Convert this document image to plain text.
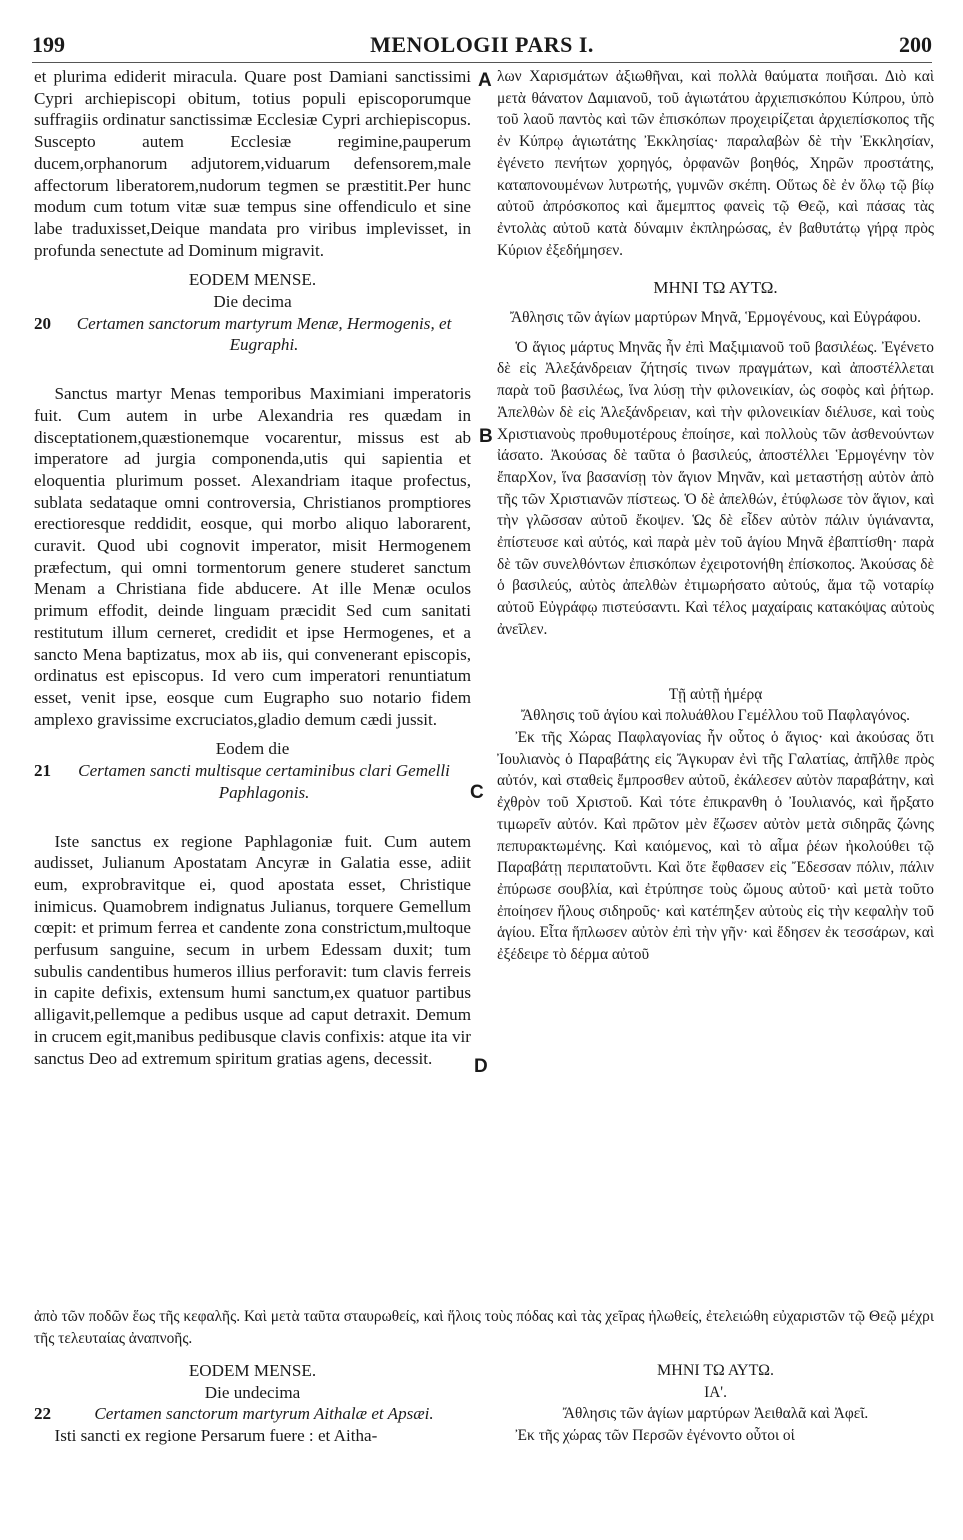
199	MENOLOGII PARS I.	200
A
B
C
D

et plurima ediderit miracula. Quare post Damiani sanctissimi Cypri archiepiscopi obitum, totius populi episcoporumque suffragiis ordinatur sanctissimæ Ecclesiæ Cypri archiepiscopus. Suscepto autem Ecclesiæ regimine,pauperum ducem,orphanorum adjutorem,viduarum defensorem,male affectorum liberatorem,nudorum tegmen se præstitit.Per hunc modum cum totum vitæ suæ tempus sine offendiculo et sine labe traduxisset,Deique mandata pro viribus implevisset, in profunda senectute ad Dominum migravit.

EODEM MENSE.
Die decima
20	Certamen sanctorum martyrum Menæ, Hermogenis, et Eugraphi.

Sanctus martyr Menas temporibus Maximiani imperatoris fuit. Cum autem in urbe Alexandria res quædam in disceptationem,quæstionemque vocarentur, missus est ab imperatore ad jurgia componenda,utis qui sapientia et eloquentia plurimum posset. Alexandriam itaque profectus, sublata sedataque omni controversia, Christianos promptiores erectioresque reddidit, eosque, qui morbo aliquo laborarent, curavit. Quod ubi cognovit imperator, misit Hermogenem præfectum, qui omni tormentorum genere studeret sanctum Menam a Christiana fide abducere. At ille Menæ oculos primum effodit, deinde linguam præcidit Sed cum sanitati restitutum illum cerneret, credidit et ipse Hermogenes, et a sancto Mena baptizatus, mox ab iis, qui convenerant episcopis, ordinatus est episcopus. Id vero cum imperatori renuntiatum esset, venit ipse, eosque cum Eugrapho suo notario fidem amplexo gravissime excruciatos,gladio demum cædi jussit.

Eodem die
21	Certamen sancti multisque certaminibus clari Gemelli Paphlagonis.

Iste sanctus ex regione Paphlagoniæ fuit. Cum autem audisset, Julianum Apostatam Ancyræ in Galatia esse, adiit eum, exprobravitque ei, quod apostata esset, Christique inimicus. Quamobrem indignatus Julianus, torquere Gemellum cœpit: et primum ferrea et candente zona constrictum,multoque perfusum sanguine, secum in urbem Edessam duxit; tum subulis candentibus humeros illius perforavit: tum clavis ferreis in capite defixis, extensum humi sanctum,ex quatuor partibus alligavit,pellemque a pedibus usque ad caput detraxit. Demum in crucem egit,manibus pedibusque clavis confixis: atque ita vir sanctus Deo ad extremum spiritum gratias agens, decessit.

λων Χαρισμάτων ἀξιωθῆναι, καὶ πολλὰ θαύματα ποιῆσαι. Διὸ καὶ μετὰ θάνατον Δαμιανοῦ, τοῦ ἁγιωτάτου ἀρχιεπισκόπου Κύπρου, ὑπὸ τοῦ λαοῦ παντὸς καὶ τῶν ἐπισκόπων προχειρίζεται ἀρχιεπίσκοπος τῆς ἐν Κύπρῳ ἁγιωτάτης Ἐκκλησίας· παραλαβὼν δὲ τὴν Ἐκκλησίαν, ἐγένετο πενήτων χορηγός, ὀρφανῶν βοηθός, Χηρῶν προστάτης, καταπονουμένων λυτρωτής, γυμνῶν σκέπη. Οὕτως δὲ ἐν ὅλῳ τῷ βίῳ αὐτοῦ ἀπρόσκοπος καὶ ἄμεμπτος φανεὶς τῷ Θεῷ, καὶ πάσας τὰς ἐντολὰς αὐτοῦ κατὰ δύναμιν ἐκπληρώσας, ἐν βαθυτάτῳ γήρᾳ πρὸς Κύριον ἐξεδήμησεν.

ΜΗΝΙ ΤΩ ΑΥΤΩ.
Ἄθλησις τῶν ἁγίων μαρτύρων Μηνᾶ, Ἑρμογένους, καὶ Εὐγράφου.

Ὁ ἅγιος μάρτυς Μηνᾶς ἦν ἐπὶ Μαξιμιανοῦ τοῦ βασιλέως. Ἐγένετο δὲ εἰς Ἀλεξάνδρειαν ζήτησίς τινων πραγμάτων, καὶ ἀποστέλλεται παρὰ τοῦ βασιλέως, ἵνα λύσῃ τὴν φιλονεικίαν, ὡς σοφὸς καὶ ῥήτωρ. Ἀπελθὼν δὲ εἰς Ἀλεξάνδρειαν, καὶ τὴν φιλονεικίαν διέλυσε, καὶ τοὺς Χριστιανοὺς προθυμοτέρους ἐποίησε, καὶ πολλοὺς τῶν ἀσθενούντων ἰάσατο. Ἀκούσας δὲ ταῦτα ὁ βασιλεύς, ἀποστέλλει Ἑρμογένην τὸν ἔπαρΧον, ἵνα βασανίσῃ τὸν ἅγιον Μηνᾶν, καὶ μεταστήσῃ αὐτὸν ἀπὸ τῆς τῶν Χριστιανῶν πίστεως. Ὁ δὲ ἀπελθών, ἐτύφλωσε τὸν ἅγιον, καὶ τὴν γλῶσσαν αὐτοῦ ἔκοψεν. Ὡς δὲ εἶδεν αὐτὸν πάλιν ὑγιάναντα, ἐπίστευσε καὶ αὐτός, καὶ παρὰ μὲν τοῦ ἁγίου Μηνᾶ ἐβαπτίσθη· παρὰ δὲ τῶν συνελθόντων ἐπισκόπων ἐχειροτονήθη ἐπίσκοπος. Ἀκούσας δὲ ὁ βασιλεύς, αὐτὸς ἀπελθὼν ἐτιμωρήσατο αὐτούς, ἅμα τῷ νοταρίῳ αὐτοῦ Εὐγράφῳ πιστεύσαντι. Καὶ τέλος μαχαίραις κατακόψας αὐτοὺς ἀνεῖλεν.

Τῇ αὐτῇ ἡμέρᾳ
Ἄθλησις τοῦ ἁγίου καὶ πολυάθλου Γεμέλλου τοῦ Παφλαγόνος.

Ἐκ τῆς Χώρας Παφλαγονίας ἦν οὗτος ὁ ἅγιος· καὶ ἀκούσας ὅτι Ἰουλιανὸς ὁ Παραβάτης εἰς Ἄγκυραν ἐνὶ τῆς Γαλατίας, ἀπῆλθε πρὸς αὐτόν, καὶ σταθεὶς ἔμπροσθεν αὐτοῦ, ἐκάλεσεν αὐτὸν παραβάτην, καὶ ἐχθρὸν τοῦ Χριστοῦ. Καὶ τότε ἐπικρανθη ὁ Ἰουλιανός, καὶ ἤρξατο τιμωρεῖν αὐτόν. Καὶ πρῶτον μὲν ἔζωσεν αὐτὸν μετὰ σιδηρᾶς ζώνης πεπυρακτωμένης. Καὶ καιόμενος, καὶ τὸ αἷμα ῥέων ἠκολούθει τῷ Παραβάτῃ περιπατοῦντι. Καὶ ὅτε ἔφθασεν εἰς Ἔδεσσαν πόλιν, πάλιν ἐπύρωσε σουβλία, καὶ ἐτρύπησε τοὺς ὤμους αὐτοῦ· καὶ μετὰ τοῦτο ἐποίησεν ἥλους σιδηροῦς· καὶ κατέπηξεν αὐτοὺς εἰς τὴν κεφαλὴν τοῦ ἁγίου. Εἶτα ἥπλωσεν αὐτὸν ἐπὶ τὴν γῆν· καὶ ἔδησεν ἐκ τεσσάρων, καὶ ἐξέδειρε τὸ δέρμα αὐτοῦ

ἀπὸ τῶν ποδῶν ἕως τῆς κεφαλῆς. Καὶ μετὰ ταῦτα σταυρωθείς, καὶ ἥλοις τοὺς πόδας καὶ τὰς χεῖρας ἡλωθείς, ἐτελειώθη εὐχαριστῶν τῷ Θεῷ μέχρι τῆς τελευταίας ἀναπνοῆς.
EODEM MENSE.
Die undecima
22	Certamen sanctorum martyrum Aithalæ et Apsæi.

Isti sancti ex regione Persarum fuere : et Aitha-

ΜΗΝΙ ΤΩ ΑΥΤΩ.
ΙΑ'.
Ἄθλησις τῶν ἁγίων μαρτύρων Ἀειθαλᾶ καὶ Ἀφεῖ.

Ἐκ τῆς χώρας τῶν Περσῶν ἐγένοντο οὗτοι οἱ
